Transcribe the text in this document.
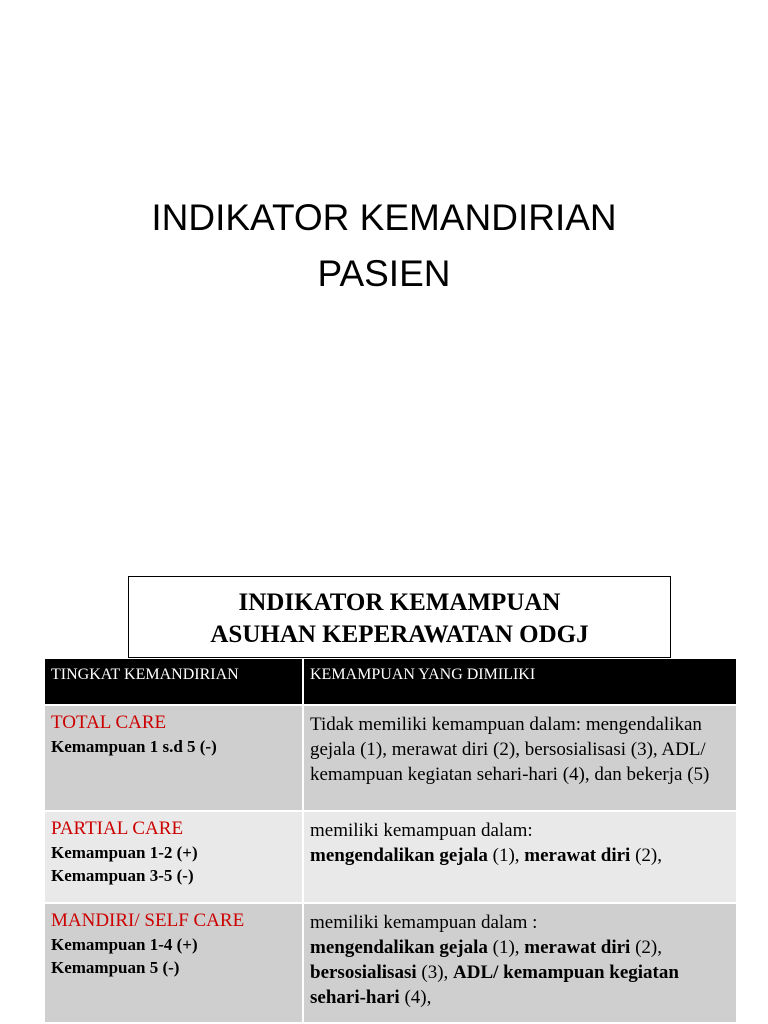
INDIKATOR KEMANDIRIAN
PASIEN
INDIKATOR KEMAMPUAN
ASUHAN KEPERAWATAN ODGJ
TINGKAT KEMANDIRIAN	KEMAMPUAN YANG DIMILIKI

TOTAL CARE
Kemampuan 1 s.d 5 (-)	Tidak memiliki kemampuan dalam: mengendalikan gejala (1), merawat diri (2), bersosialisasi (3), ADL/ kemampuan kegiatan sehari-hari (4), dan bekerja (5)

PARTIAL CARE
Kemampuan 1-2 (+)
Kemampuan 3-5 (-)	memiliki kemampuan dalam:
mengendalikan gejala (1), merawat diri (2),

MANDIRI/ SELF CARE
Kemampuan 1-4 (+)
Kemampuan 5 (-)	memiliki kemampuan dalam :
mengendalikan gejala (1), merawat diri (2), bersosialisasi (3), ADL/ kemampuan kegiatan sehari-hari (4),
